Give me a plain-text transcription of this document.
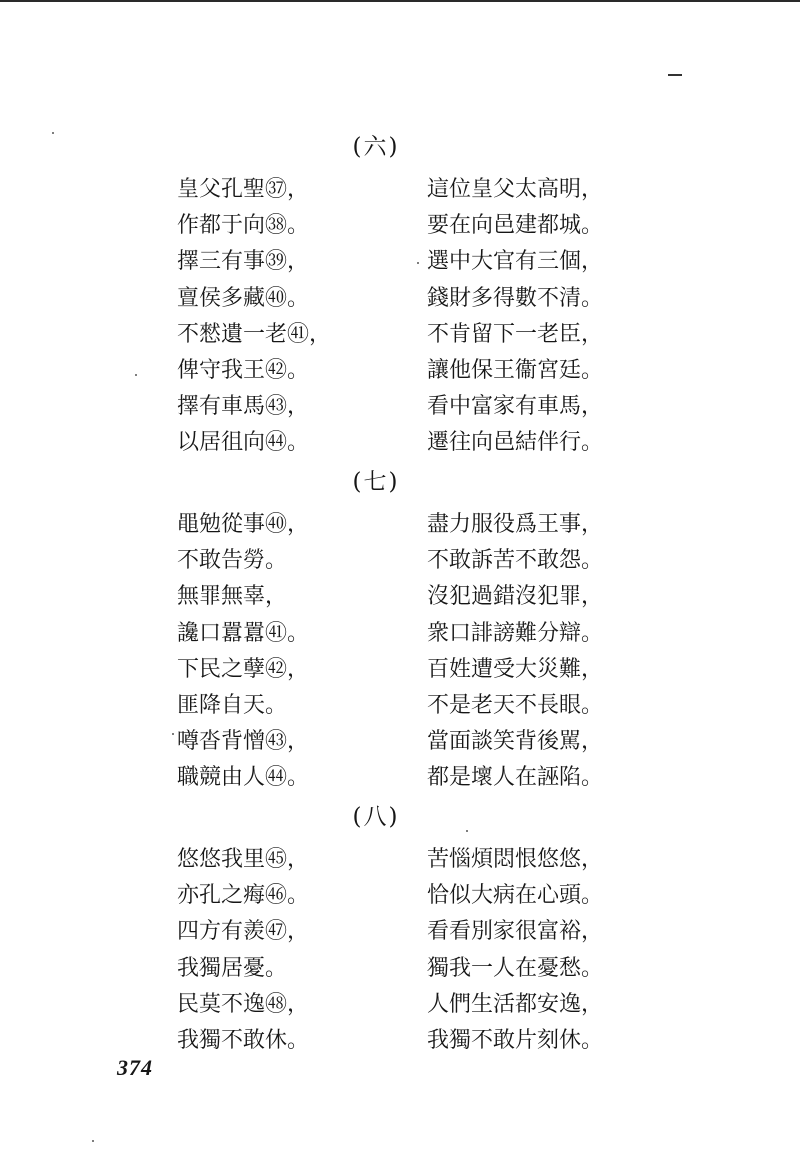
(六)
皇父孔聖㊲，	這位皇父太高明，
作都于向㊳。	要在向邑建都城。
擇三有事㊴，	選中大官有三個，
亶侯多藏㊵。	錢財多得數不清。
不憖遺一老㊶，	不肯留下一老臣，
俾守我王㊷。	讓他保王衞宮廷。
擇有車馬㊸，	看中富家有車馬，
以居徂向㊹。	遷往向邑結伴行。
(七)
黽勉從事㊵，	盡力服役爲王事，
不敢告勞。	不敢訴苦不敢怨。
無罪無辜，	沒犯過錯沒犯罪，
讒口囂囂㊶。	衆口誹謗難分辯。
下民之孽㊷，	百姓遭受大災難，
匪降自天。	不是老天不長眼。
噂沓背憎㊸，	當面談笑背後駡，
職競由人㊹。	都是壞人在誣陷。
(八)
悠悠我里㊺，	苦惱煩悶恨悠悠，
亦孔之痗㊻。	恰似大病在心頭。
四方有羨㊼，	看看別家很富裕，
我獨居憂。	獨我一人在憂愁。
民莫不逸㊽，	人們生活都安逸，
我獨不敢休。	我獨不敢片刻休。
374
